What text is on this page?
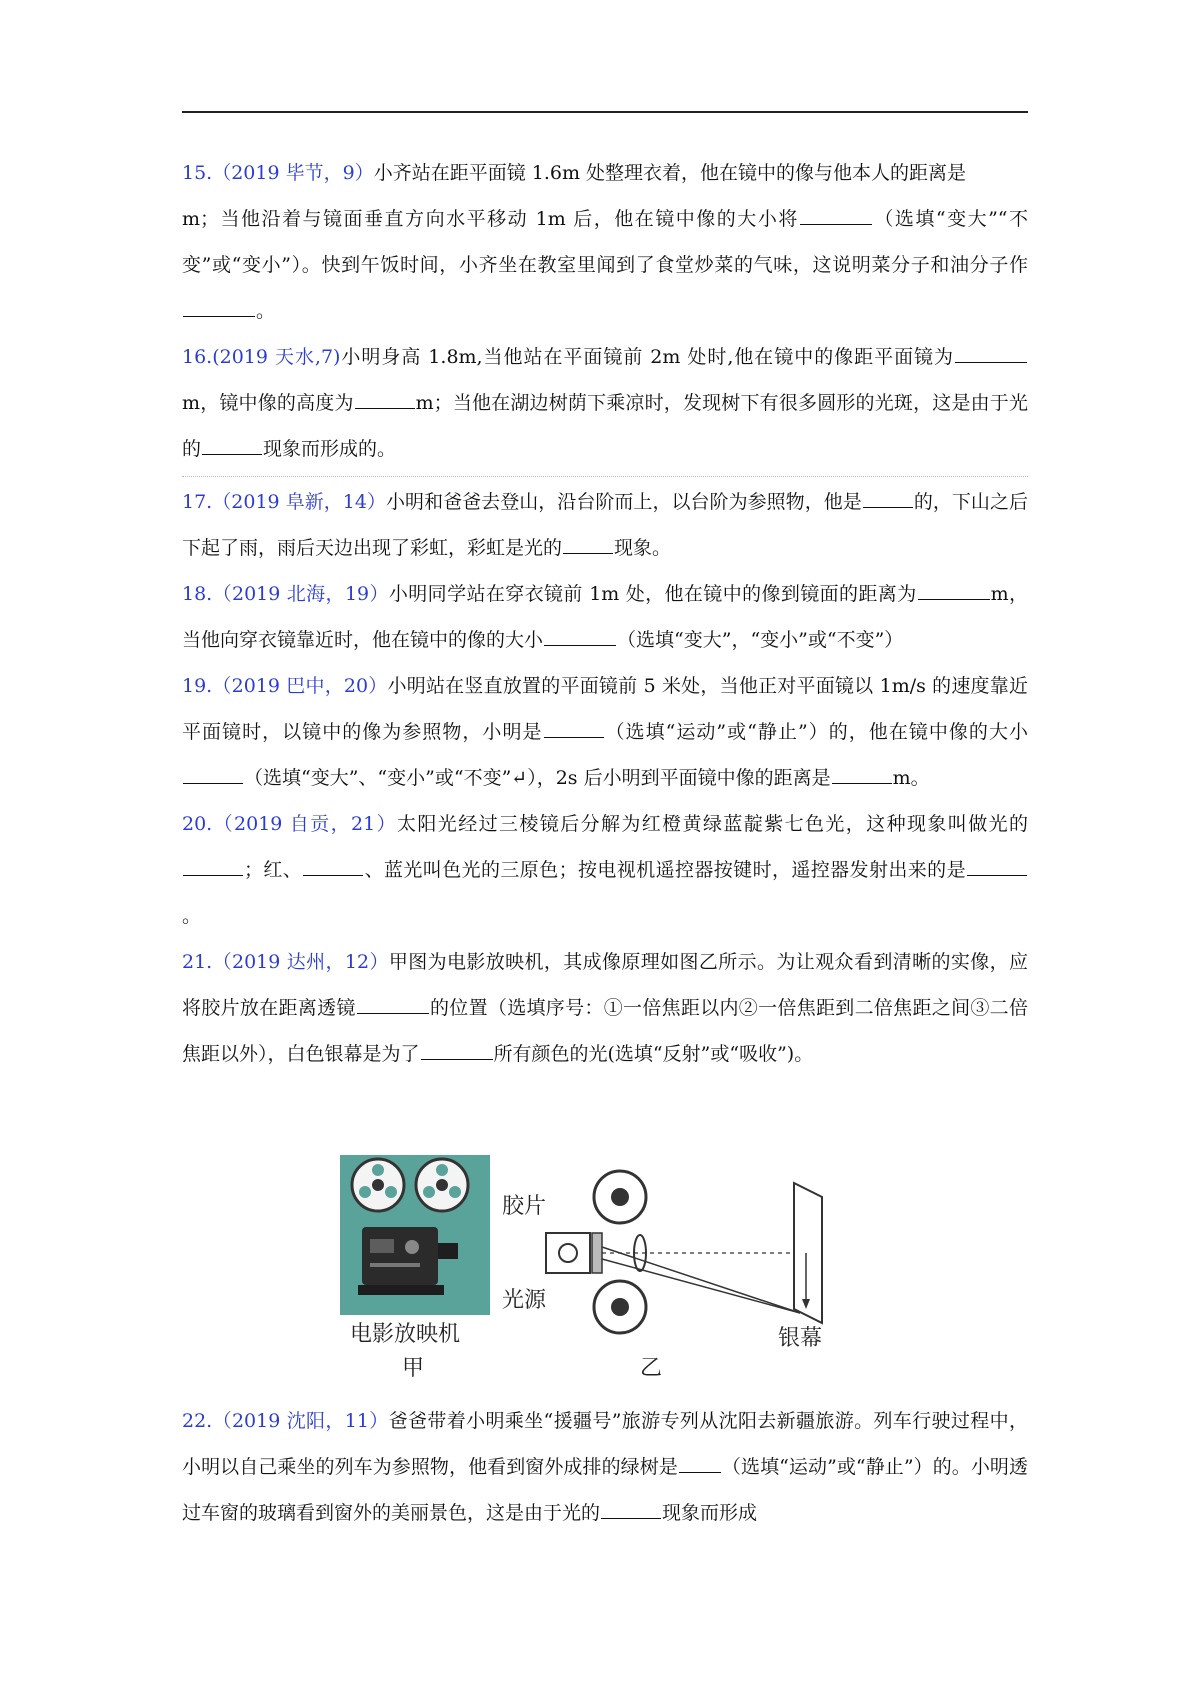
15.（2019 毕节，9）小齐站在距平面镜 1.6m 处整理衣着，他在镜中的像与他本人的距离是
m；当他沿着与镜面垂直方向水平移动 1m 后，他在镜中像的大小将	（选填“变大”“不变”或“变小”）。快到午饭时间，小齐坐在教室里闻到了食堂炒菜的气味，这说明菜分子和油分子作。

16.(2019 天水,7)小明身高 1.8m,当他站在平面镜前 2m 处时,他在镜中的像距平面镜为m，镜中像的高度为	m；当他在湖边树荫下乘凉时，发现树下有很多圆形的光斑，这是由于光的	现象而形成的。

17.（2019 阜新，14）小明和爸爸去登山，沿台阶而上，以台阶为参照物，他是	的，下山之后下起了雨，雨后天边出现了彩虹，彩虹是光的	现象。

18.（2019 北海，19）小明同学站在穿衣镜前 1m 处，他在镜中的像到镜面的距离为	m，当他向穿衣镜靠近时，他在镜中的像的大小	（选填“变大”，“变小”或“不变”）

19.（2019 巴中，20）小明站在竖直放置的平面镜前 5 米处，当他正对平面镜以 1m/s 的速度靠近平面镜时，以镜中的像为参照物，小明是	（选填“运动”或“静止”）的，他在镜中像的大小（选填“变大”、“变小”或“不变”↵），2s 后小明到平面镜中像的距离是	m。

20.（2019 自贡，21）太阳光经过三棱镜后分解为红橙黄绿蓝靛紫七色光，这种现象叫做光的；红、	、蓝光叫色光的三原色；按电视机遥控器按键时，遥控器发射出来的是。

21.（2019 达州，12）甲图为电影放映机，其成像原理如图乙所示。为让观众看到清晰的实像，应将胶片放在距离透镜	的位置（选填序号：①一倍焦距以内②一倍焦距到二倍焦距之间③二倍焦距以外），白色银幕是为了	所有颜色的光(选填“反射”或“吸收”)。

电影放映机
甲
胶片
光源
银幕
乙

22.（2019 沈阳，11）爸爸带着小明乘坐“援疆号”旅游专列从沈阳去新疆旅游。列车行驶过程中，小明以自己乘坐的列车为参照物，他看到窗外成排的绿树是 （选填“运动”或“静止”）的。小明透过车窗的玻璃看到窗外的美丽景色，这是由于光的	现象而形成
